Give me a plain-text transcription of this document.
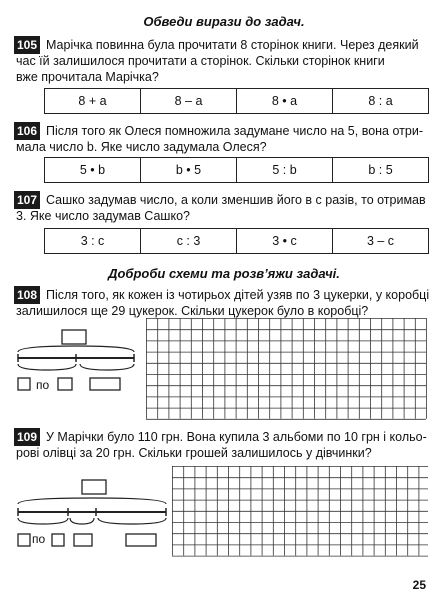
Обведи вирази до задач.
105 Марічка повинна була прочитати 8 сторінок книги. Через деякий
час їй залишилося прочитати а сторінок. Скільки сторінок книги
вже прочитала Марічка?
8 + a	8 – a	8 • a	8 : a
106 Після того як Олеся помножила задумане число на 5, вона отри-
мала число b. Яке число задумала Олеся?
5 • b	b • 5	5 : b	b : 5
107 Сашко задумав число, а коли зменшив його в с разів, то отримав
3. Яке число задумав Сашко?
3 : c	c : 3	3 • c	3 – c
Доброби схеми та розв’яжи задачі.
108 Після того, як кожен із чотирьох дітей узяв по 3 цукерки, у коробці
залишилося ще 29 цукерок. Скільки цукерок було в коробці?
по
109 У Марічки було 110 грн. Вона купила 3 альбоми по 10 грн і кольо-
рові олівці за 20 грн. Скільки грошей залишилось у дівчинки?
по
25
